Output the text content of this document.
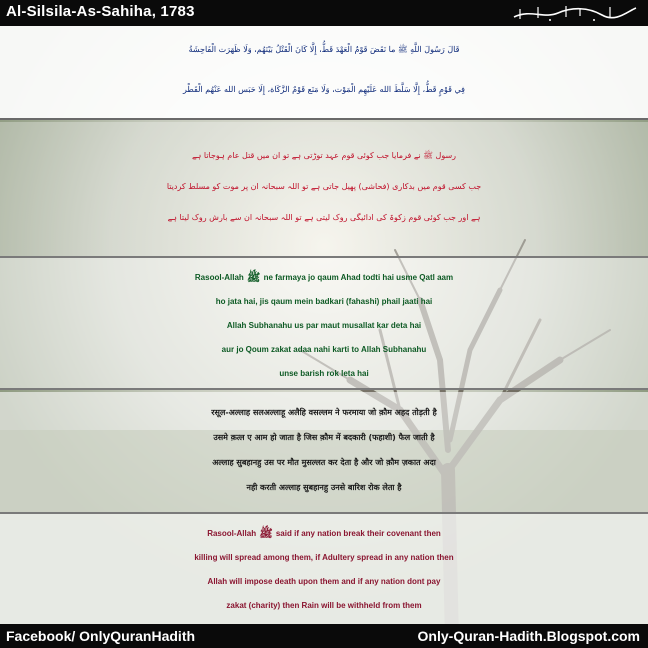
Al-Silsila-As-Sahiha, 1783
قَالَ رَسُولَ اللَّهِ ﷺ ما نَقَضَ قَوْمٌ الْعَهْدَ قَطُّ، إِلَّا كَانَ الْقَتْلُ بَيْنَهُم، وَلَا ظَهَرَت الْفَاحِشَةُ
فِي قَوْمٍ قَطُّ، إِلَّا سَلَّطَ الله عَلَيْهِم الْمَوْت، وَلَا مَنَع قَوْمٌ الزَّكَاة، إِلَا حَبَس الله عَنْهُم الْقَطْر
رسول ﷺ نے فرمایا جب کوئی قوم عہد توڑتی ہے تو ان میں قتل عام ہوجاتا ہے
جب کسی قوم میں بدکاری (فحاشی) پھیل جاتی ہے تو اللہ سبحانہ ان پر موت کو مسلط کردیتا
ہے اور جب کوئی قوم زکوۃ کی ادائیگی روک لیتی ہے تو اللہ سبحانہ ان سے بارش روک لیتا ہے
Rasool-Allah ﷺ ne farmaya jo qaum Ahad todti hai usme Qatl aam
ho jata hai, jis qaum mein badkari (fahashi) phail jaati hai
Allah Subhanahu us par maut musallat kar deta hai
aur jo Qoum zakat adaa nahi karti to Allah Subhanahu
unse barish rok leta hai
रसूल-अल्लाह सलअल्लाहू अलैहि वसल्लम ने फरमाया जो क़ौम अहद तोड़ती है
उसमे क़त्ल ए आम हो जाता है जिस क़ौम में बदकारी (फहाशी) फैल जाती है
अल्लाह सुबहानहु उस पर मौत मुसल्लत कर देता है और जो क़ौम ज़कात अदा
नही करती अल्लाह सुबहानहु उनसे बारिश रोक लेता है
Rasool-Allah ﷺ said if any nation break their covenant then
killing will spread among them, if Adultery spread in any nation then
Allah will impose death upon them and if any nation dont pay
zakat (charity) then Rain will be withheld from them
Facebook/ OnlyQuranHadith	Only-Quran-Hadith.Blogspot.com
